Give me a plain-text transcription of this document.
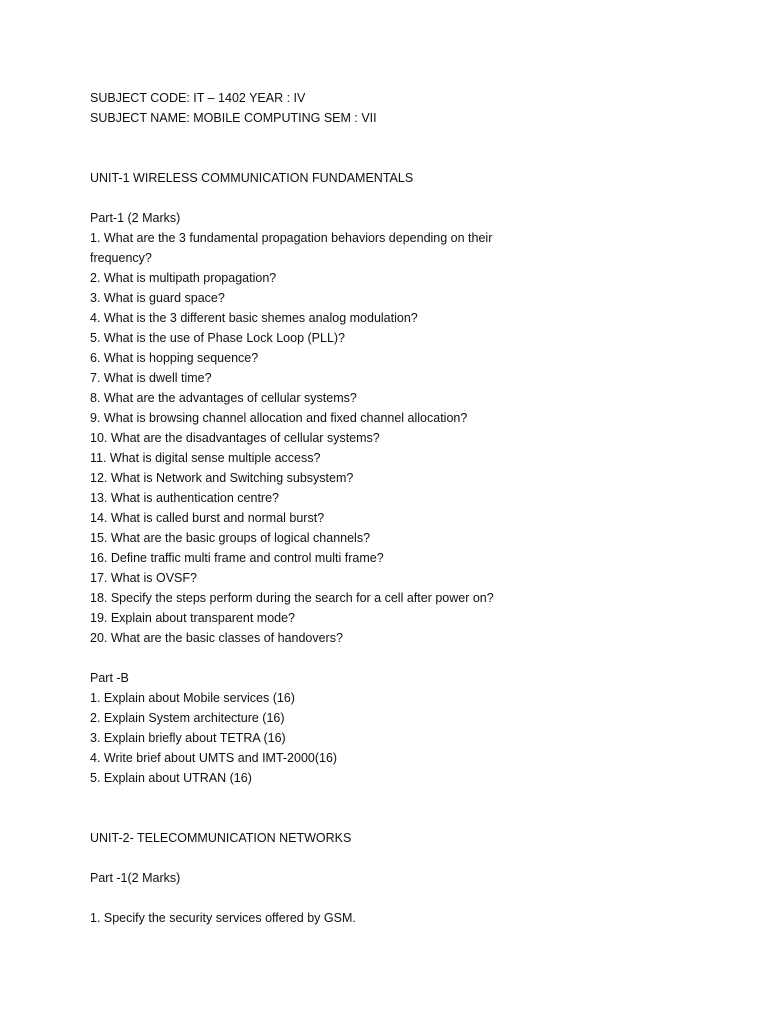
SUBJECT CODE: IT – 1402 YEAR : IV
SUBJECT NAME: MOBILE COMPUTING SEM : VII
UNIT-1 WIRELESS COMMUNICATION FUNDAMENTALS
Part-1 (2 Marks)
1. What are the 3 fundamental propagation behaviors depending on their
frequency?
2. What is multipath propagation?
3. What is guard space?
4. What is the 3 different basic shemes analog modulation?
5. What is the use of Phase Lock Loop (PLL)?
6. What is hopping sequence?
7. What is dwell time?
8. What are the advantages of cellular systems?
9. What is browsing channel allocation and fixed channel allocation?
10. What are the disadvantages of cellular systems?
11. What is digital sense multiple access?
12. What is Network and Switching subsystem?
13. What is authentication centre?
14. What is called burst and normal burst?
15. What are the basic groups of logical channels?
16. Define traffic multi frame and control multi frame?
17. What is OVSF?
18. Specify the steps perform during the search for a cell after power on?
19. Explain about transparent mode?
20. What are the basic classes of handovers?
Part -B
1. Explain about Mobile services (16)
2. Explain System architecture (16)
3. Explain briefly about TETRA (16)
4. Write brief about UMTS and IMT-2000(16)
5. Explain about UTRAN (16)
UNIT-2- TELECOMMUNICATION NETWORKS
Part -1(2 Marks)
1. Specify the security services offered by GSM.
